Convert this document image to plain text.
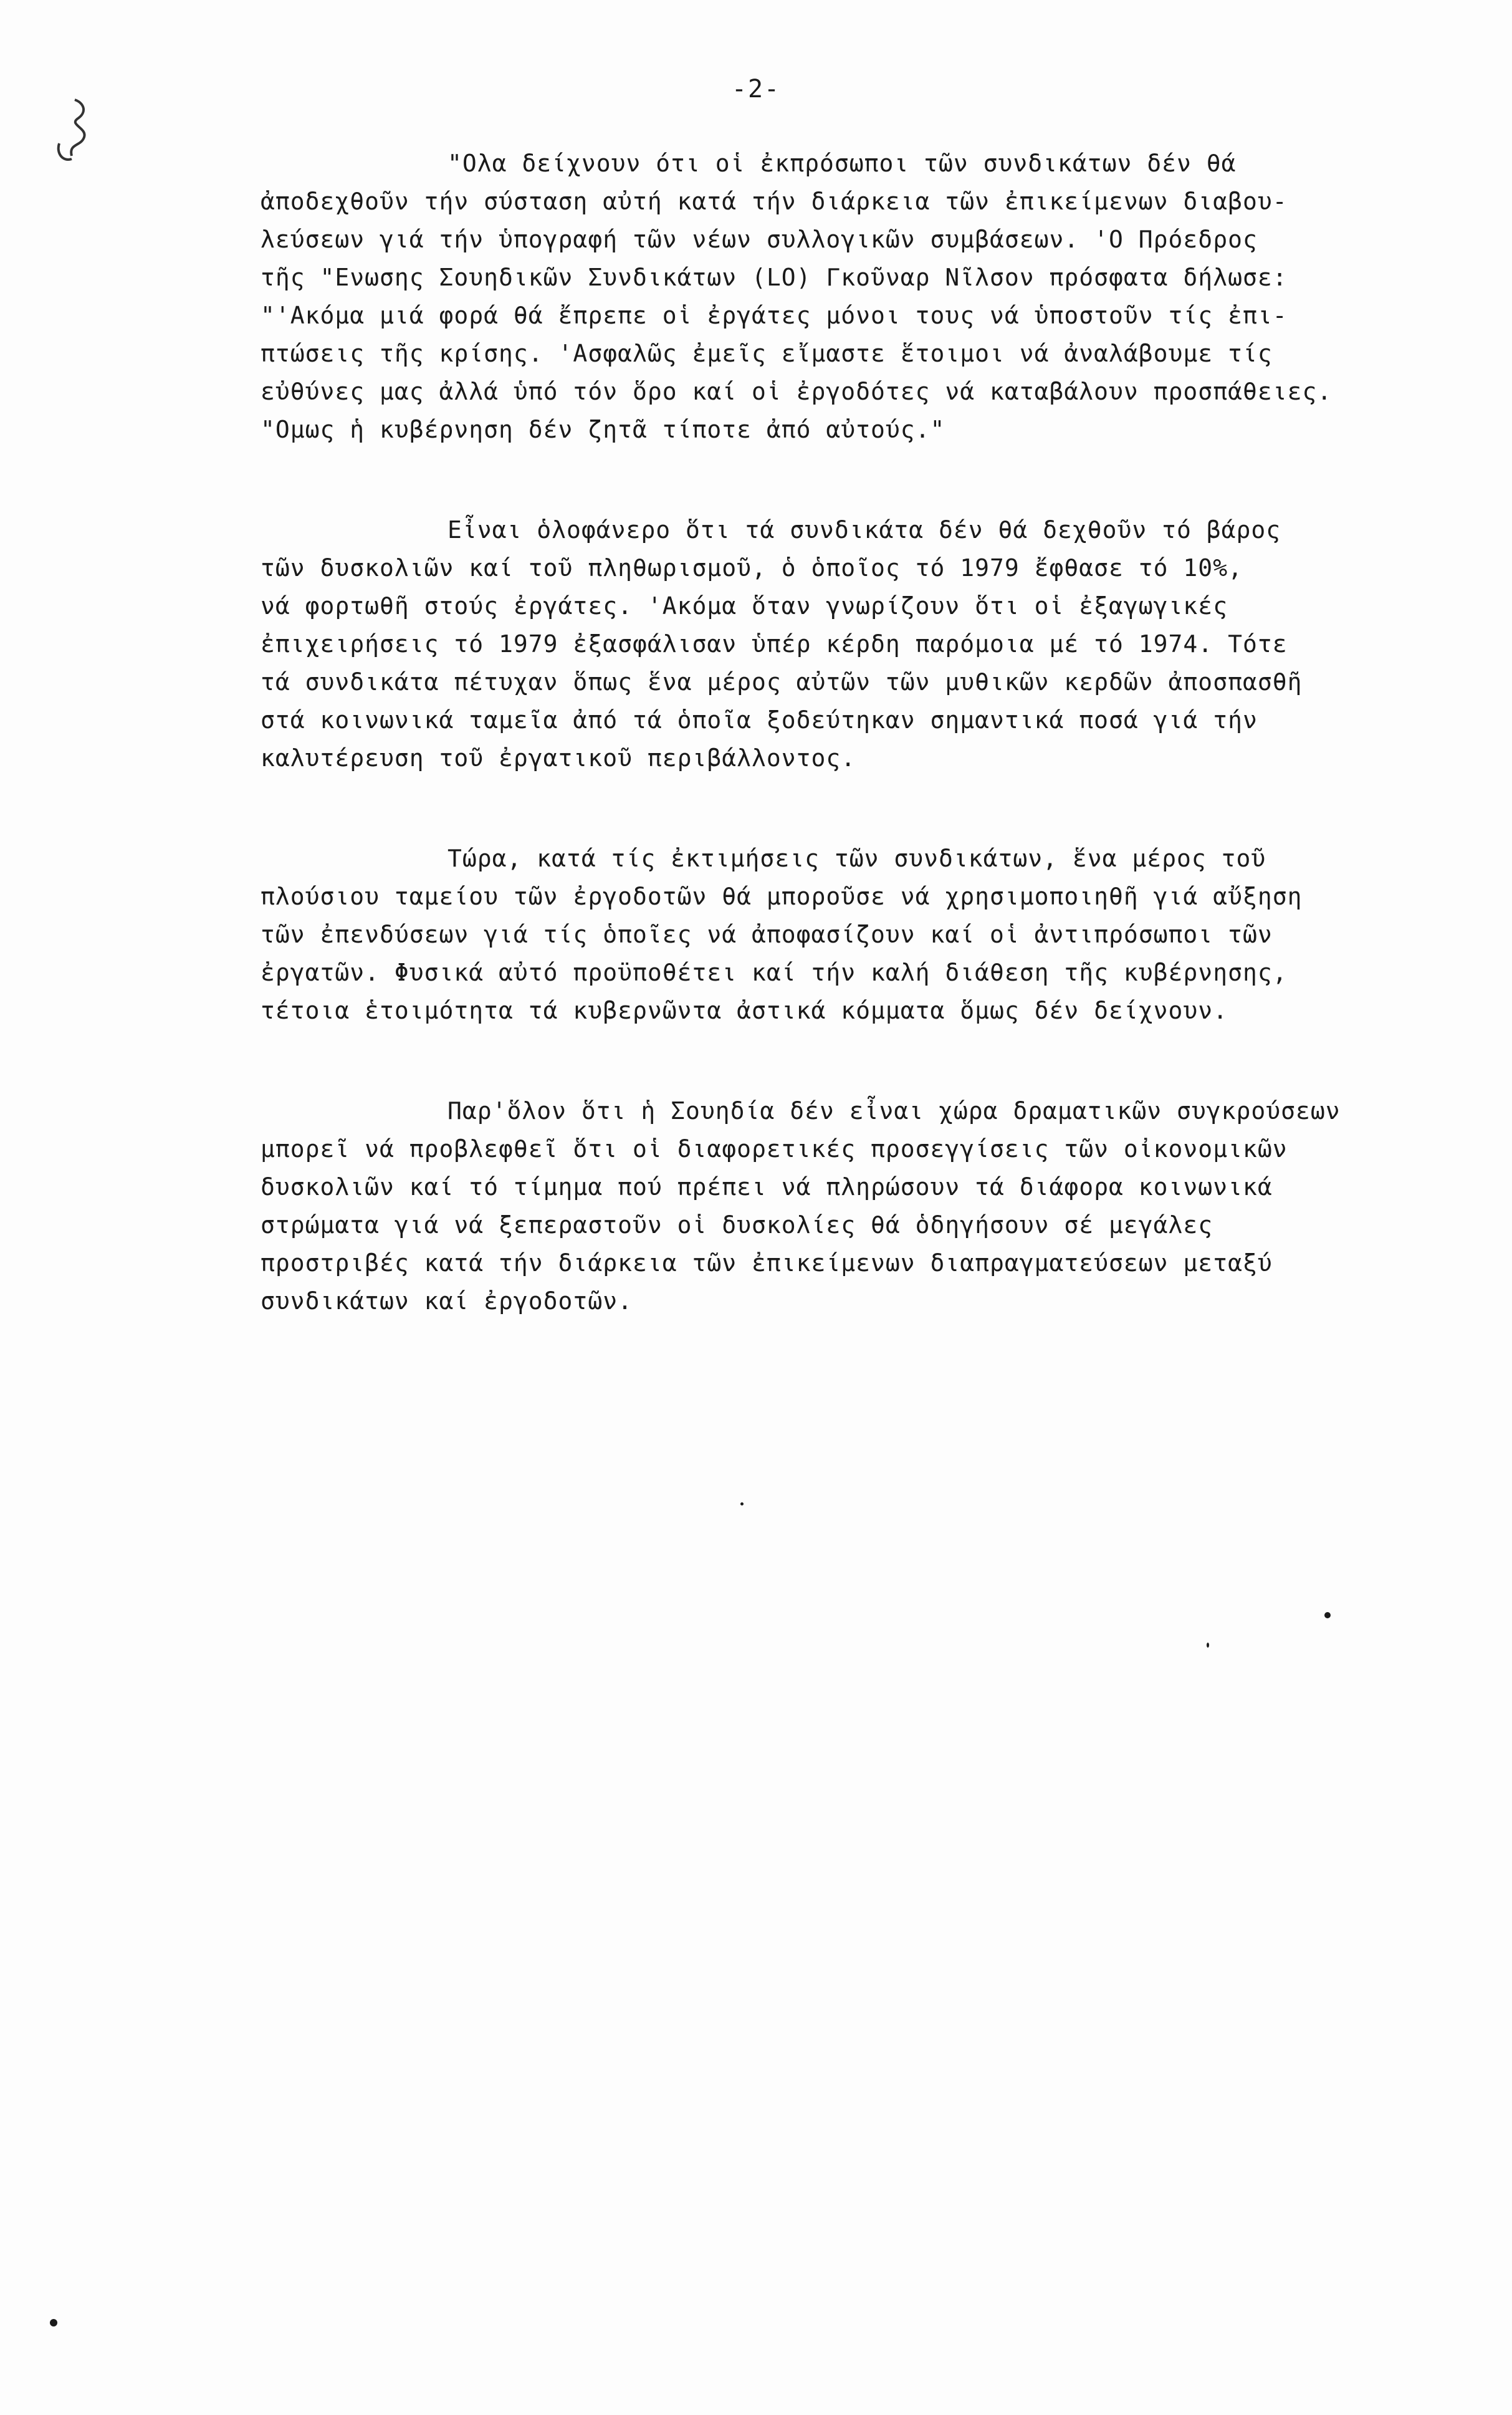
-2-

"Ολα δείχνουν ότι οἱ ἐκπρόσωποι τῶν συνδικάτων δέν θά
ἀποδεχθοῦν τήν σύσταση αὐτή κατά τήν διάρκεια τῶν ἐπικείμενων διαβου-
λεύσεων γιά τήν ὑπογραφή τῶν νέων συλλογικῶν συμβάσεων. 'Ο Πρόεδρος
τῆς "Ενωσης Σουηδικῶν Συνδικάτων (LO) Γκοῦναρ Νῖλσον πρόσφατα δήλωσε:
"'Ακόμα μιά φορά θά ἔπρεπε οἱ ἐργάτες μόνοι τους νά ὑποστοῦν τίς ἐπι-
πτώσεις τῆς κρίσης. 'Ασφαλῶς ἐμεῖς εἴμαστε ἕτοιμοι νά ἀναλάβουμε τίς
εὐθύνες μας ἀλλά ὑπό τόν ὅρο καί οἱ ἐργοδότες νά καταβάλουν προσπάθειες.
"Ομως ἡ κυβέρνηση δέν ζητᾶ τίποτε ἀπό αὐτούς."

Εἶναι ὁλοφάνερο ὅτι τά συνδικάτα δέν θά δεχθοῦν τό βάρος
τῶν δυσκολιῶν καί τοῦ πληθωρισμοῦ, ὁ ὁποῖος τό 1979 ἔφθασε τό 10%,
νά φορτωθῆ στούς ἐργάτες. 'Ακόμα ὅταν γνωρίζουν ὅτι οἱ ἐξαγωγικές
ἐπιχειρήσεις τό 1979 ἐξασφάλισαν ὑπέρ κέρδη παρόμοια μέ τό 1974. Τότε
τά συνδικάτα πέτυχαν ὅπως ἕνα μέρος αὐτῶν τῶν μυθικῶν κερδῶν ἀποσπασθῆ
στά κοινωνικά ταμεῖα ἀπό τά ὁποῖα ξοδεύτηκαν σημαντικά ποσά γιά τήν
καλυτέρευση τοῦ ἐργατικοῦ περιβάλλοντος.

Τώρα, κατά τίς ἐκτιμήσεις τῶν συνδικάτων, ἕνα μέρος τοῦ
πλούσιου ταμείου τῶν ἐργοδοτῶν θά μποροῦσε νά χρησιμοποιηθῆ γιά αὔξηση
τῶν ἐπενδύσεων γιά τίς ὁποῖες νά ἀποφασίζουν καί οἱ ἀντιπρόσωποι τῶν
ἐργατῶν. Φυσικά αὐτό προϋποθέτει καί τήν καλή διάθεση τῆς κυβέρνησης,
τέτοια ἑτοιμότητα τά κυβερνῶντα ἀστικά κόμματα ὅμως δέν δείχνουν.

Παρ'ὅλον ὅτι ἡ Σουηδία δέν εἶναι χώρα δραματικῶν συγκρούσεων
μπορεῖ νά προβλεφθεῖ ὅτι οἱ διαφορετικές προσεγγίσεις τῶν οἰκονομικῶν
δυσκολιῶν καί τό τίμημα πού πρέπει νά πληρώσουν τά διάφορα κοινωνικά
στρώματα γιά νά ξεπεραστοῦν οἱ δυσκολίες θά ὁδηγήσουν σέ μεγάλες
προστριβές κατά τήν διάρκεια τῶν ἐπικείμενων διαπραγματεύσεων μεταξύ
συνδικάτων καί ἐργοδοτῶν.
